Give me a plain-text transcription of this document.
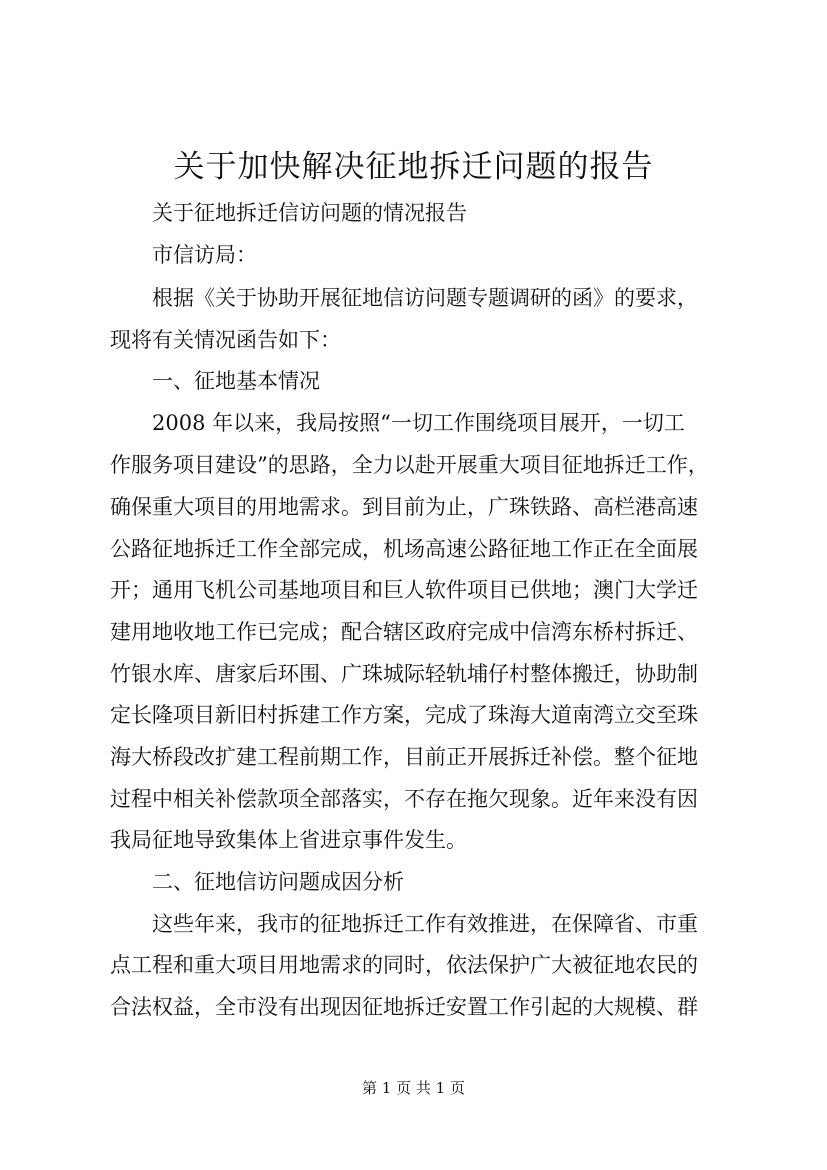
关于加快解决征地拆迁问题的报告

关于征地拆迁信访问题的情况报告

市信访局：

根据《关于协助开展征地信访问题专题调研的函》的要求，

现将有关情况函告如下：

一、征地基本情况

2008 年以来，我局按照“一切工作围绕项目展开，一切工

作服务项目建设”的思路，全力以赴开展重大项目征地拆迁工作，

确保重大项目的用地需求。到目前为止，广珠铁路、高栏港高速

公路征地拆迁工作全部完成，机场高速公路征地工作正在全面展

开；通用飞机公司基地项目和巨人软件项目已供地；澳门大学迁

建用地收地工作已完成；配合辖区政府完成中信湾东桥村拆迁、

竹银水库、唐家后环围、广珠城际轻轨埔仔村整体搬迁，协助制

定长隆项目新旧村拆建工作方案，完成了珠海大道南湾立交至珠

海大桥段改扩建工程前期工作，目前正开展拆迁补偿。整个征地

过程中相关补偿款项全部落实，不存在拖欠现象。近年来没有因

我局征地导致集体上省进京事件发生。

二、征地信访问题成因分析

这些年来，我市的征地拆迁工作有效推进，在保障省、市重

点工程和重大项目用地需求的同时，依法保护广大被征地农民的

合法权益，全市没有出现因征地拆迁安置工作引起的大规模、群

第 1 页 共 1 页
